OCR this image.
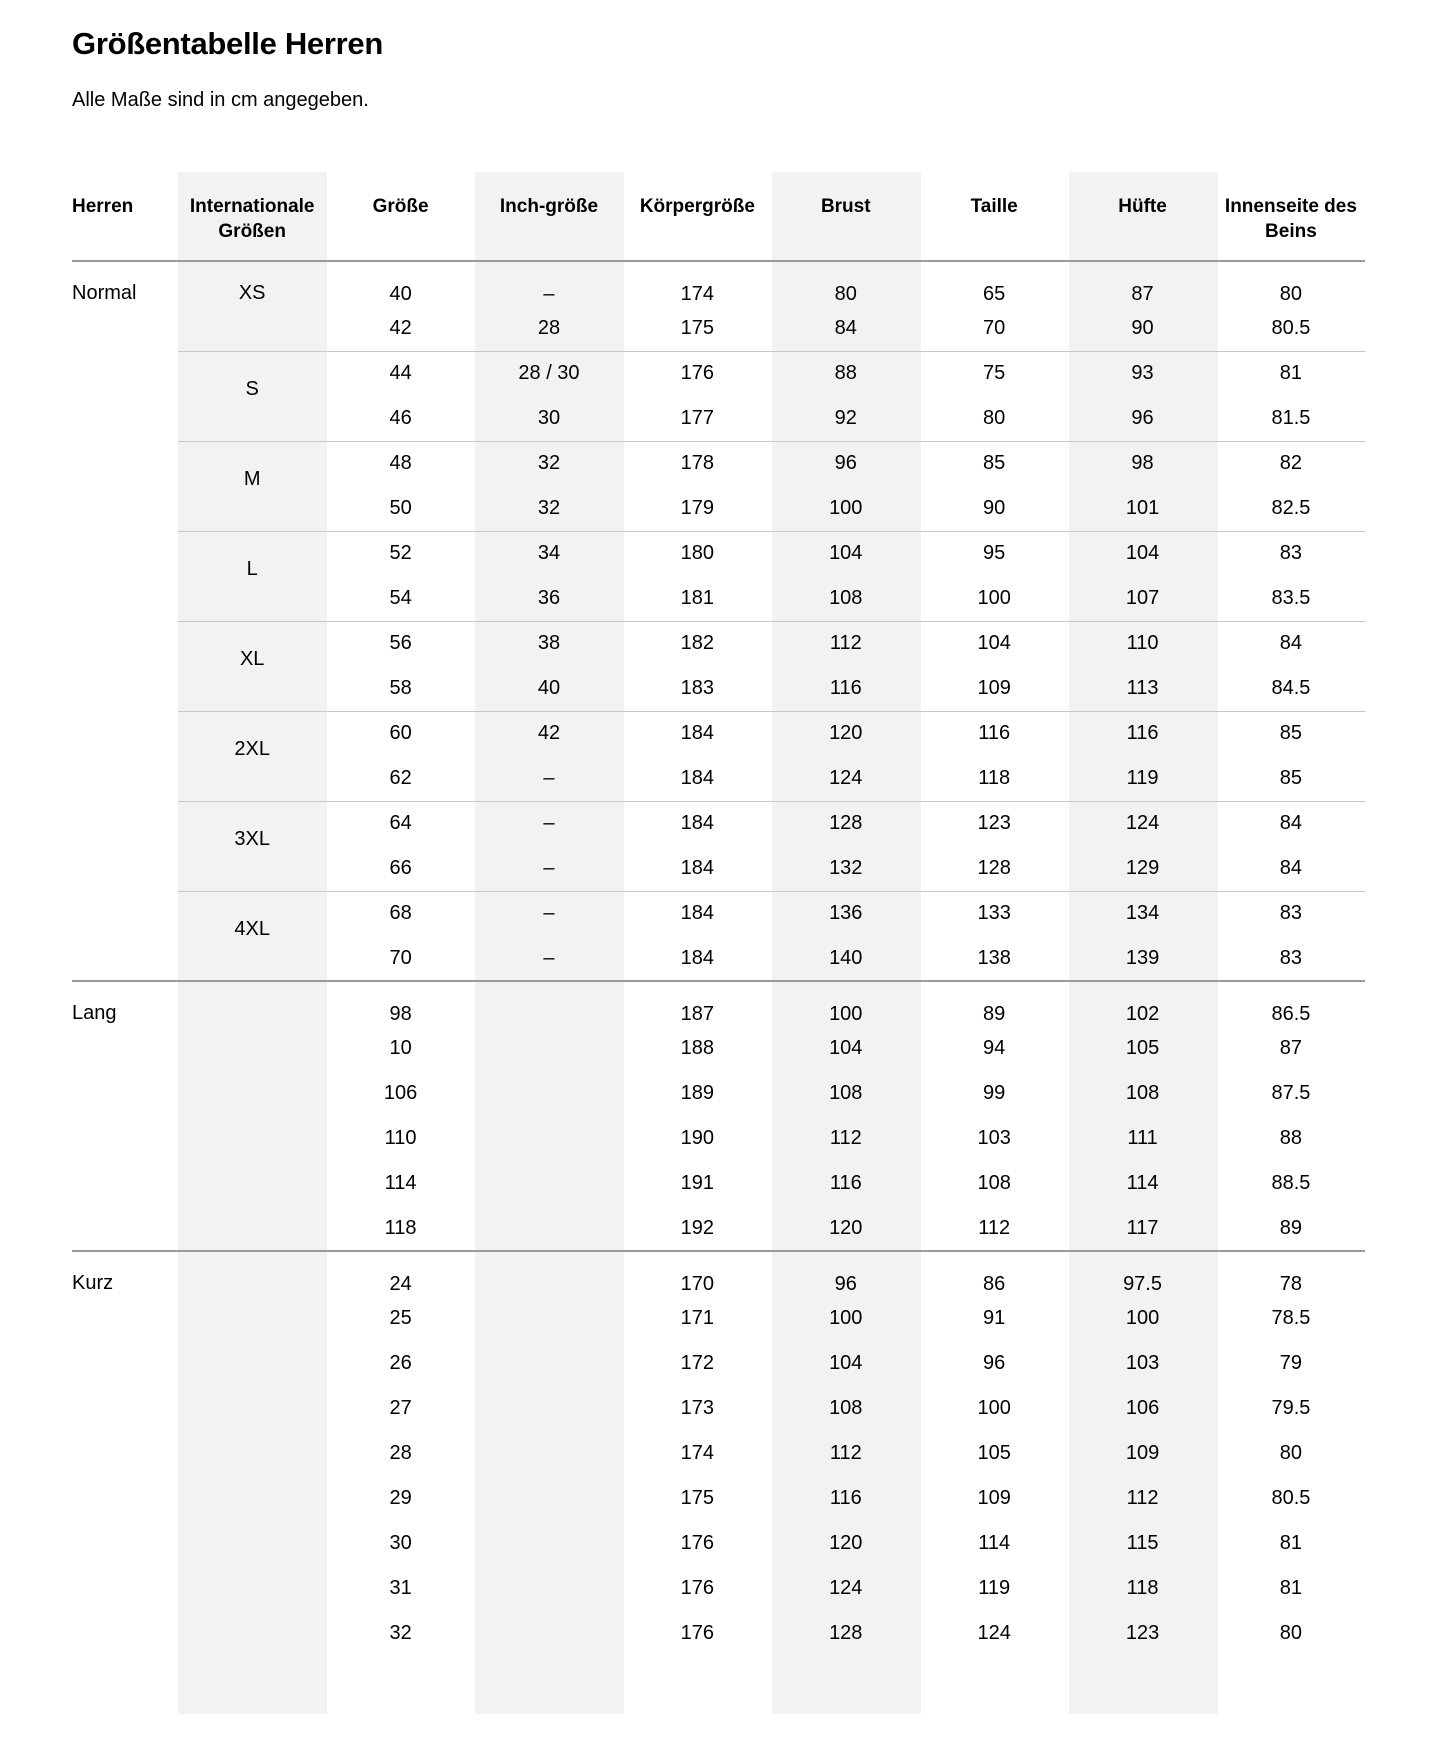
Größentabelle Herren

Alle Maße sind in cm angegeben.

Herren	Internationale Größen	Größe	Inch-größe	Körpergröße	Brust	Taille	Hüfte	Innenseite des Beins
Normal	XS	40	–	174	80	65	87	80
		42	28	175	84	70	90	80.5
	S	44	28 / 30	176	88	75	93	81
		46	30	177	92	80	96	81.5
	M	48	32	178	96	85	98	82
		50	32	179	100	90	101	82.5
	L	52	34	180	104	95	104	83
		54	36	181	108	100	107	83.5
	XL	56	38	182	112	104	110	84
		58	40	183	116	109	113	84.5
	2XL	60	42	184	120	116	116	85
		62	–	184	124	118	119	85
	3XL	64	–	184	128	123	124	84
		66	–	184	132	128	129	84
	4XL	68	–	184	136	133	134	83
		70	–	184	140	138	139	83
Lang		98		187	100	89	102	86.5
		10		188	104	94	105	87
		106		189	108	99	108	87.5
		110		190	112	103	111	88
		114		191	116	108	114	88.5
		118		192	120	112	117	89
Kurz		24		170	96	86	97.5	78
		25		171	100	91	100	78.5
		26		172	104	96	103	79
		27		173	108	100	106	79.5
		28		174	112	105	109	80
		29		175	116	109	112	80.5
		30		176	120	114	115	81
		31		176	124	119	118	81
		32		176	128	124	123	80
